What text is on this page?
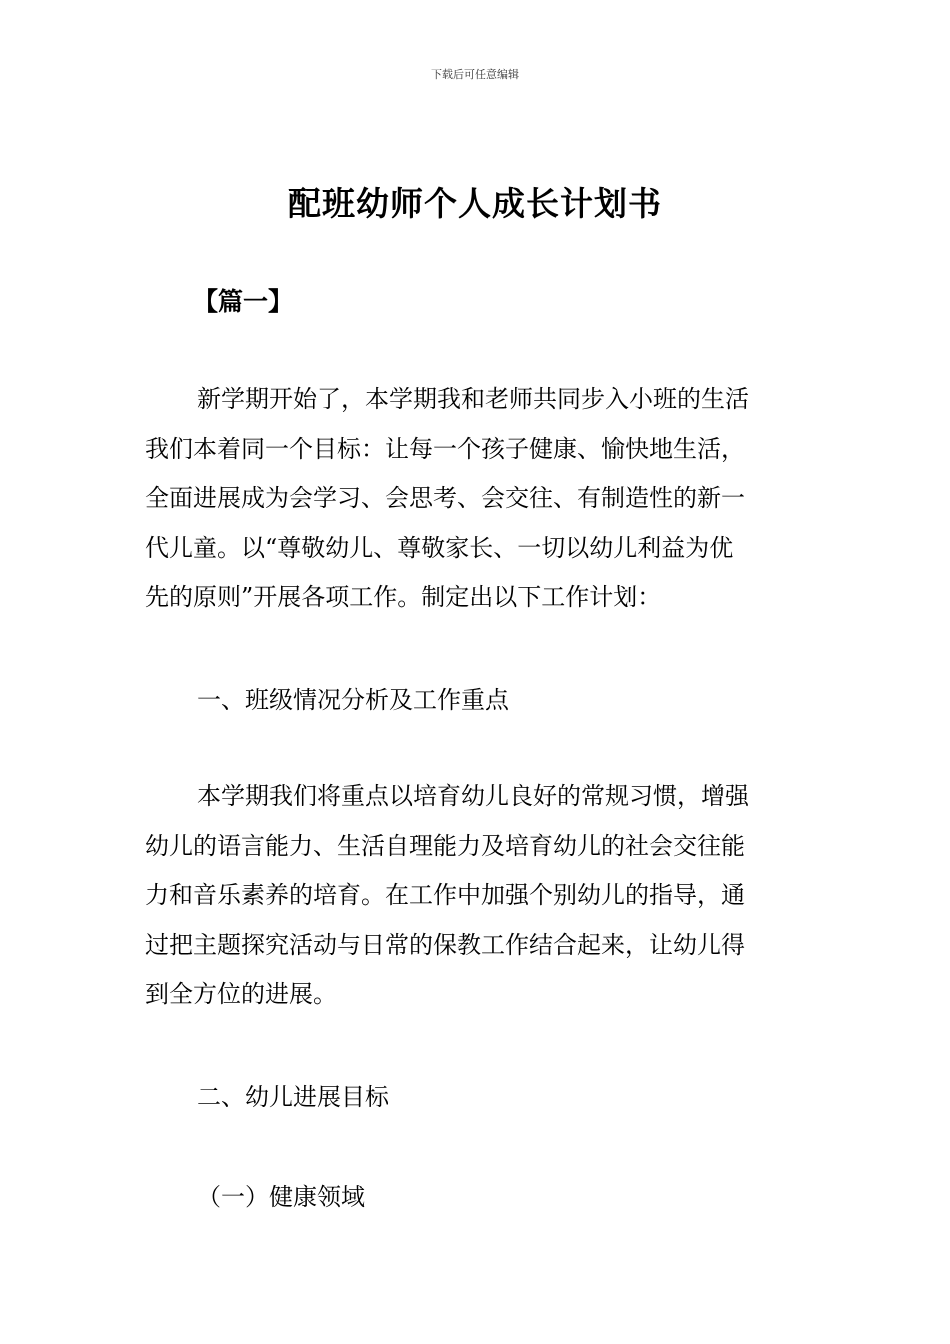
下载后可任意编辑
配班幼师个人成长计划书
【篇一】
新学期开始了，本学期我和老师共同步入小班的生活
我们本着同一个目标：让每一个孩子健康、愉快地生活，
全面进展成为会学习、会思考、会交往、有制造性的新一
代儿童。以“尊敬幼儿、尊敬家长、一切以幼儿利益为优
先的原则”开展各项工作。制定出以下工作计划：
一、班级情况分析及工作重点
本学期我们将重点以培育幼儿良好的常规习惯，增强
幼儿的语言能力、生活自理能力及培育幼儿的社会交往能
力和音乐素养的培育。在工作中加强个别幼儿的指导，通
过把主题探究活动与日常的保教工作结合起来，让幼儿得
到全方位的进展。
二、幼儿进展目标
（一）健康领域
